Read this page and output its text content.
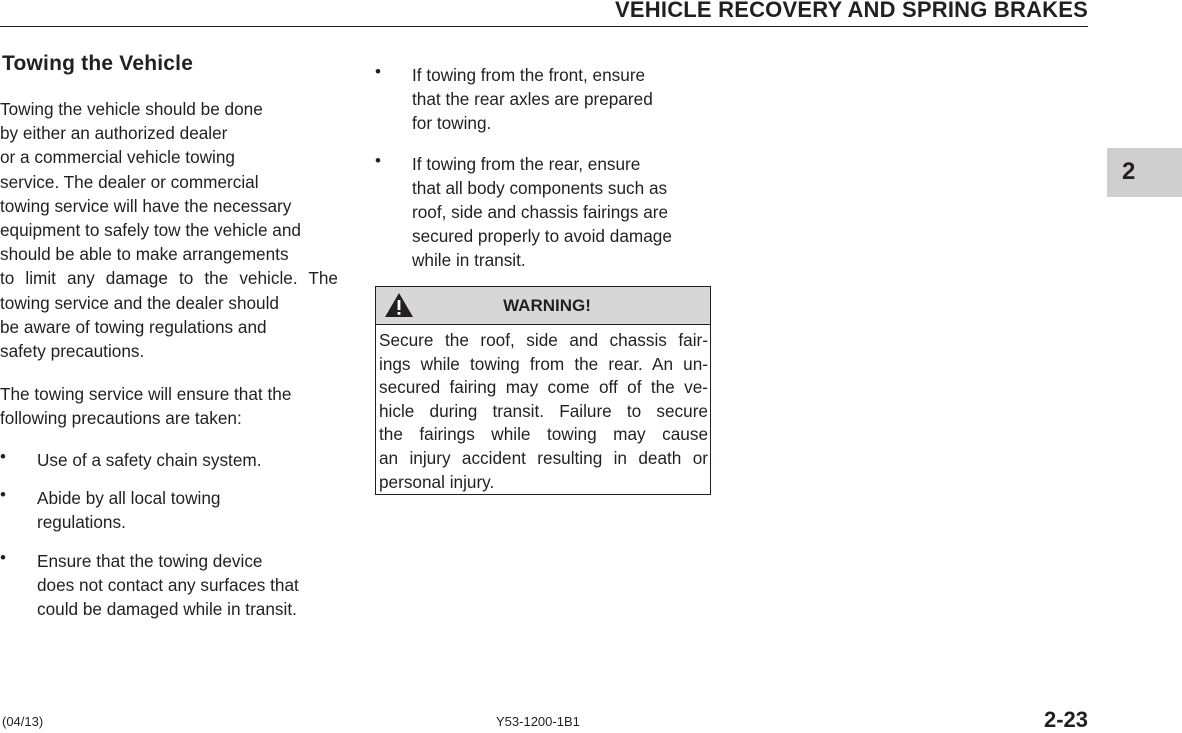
VEHICLE RECOVERY AND SPRING BRAKES
Towing the Vehicle

Towing the vehicle should be done
by either an authorized dealer
or a commercial vehicle towing
service. The dealer or commercial
towing service will have the necessary
equipment to safely tow the vehicle and
should be able to make arrangements
to limit any damage to the vehicle. The
towing service and the dealer should
be aware of towing regulations and
safety precautions.

The towing service will ensure that the
following precautions are taken:

• Use of a safety chain system.
• Abide by all local towing
regulations.
• Ensure that the towing device
does not contact any surfaces that
could be damaged while in transit.
• If towing from the front, ensure
that the rear axles are prepared
for towing.
• If towing from the rear, ensure
that all body components such as
roof, side and chassis fairings are
secured properly to avoid damage
while in transit.
WARNING!
Secure the roof, side and chassis fair-
ings while towing from the rear. An un-
secured fairing may come off of the ve-
hicle during transit. Failure to secure
the fairings while towing may cause
an injury accident resulting in death or
personal injury.
2
(04/13)	Y53-1200-1B1	2-23
